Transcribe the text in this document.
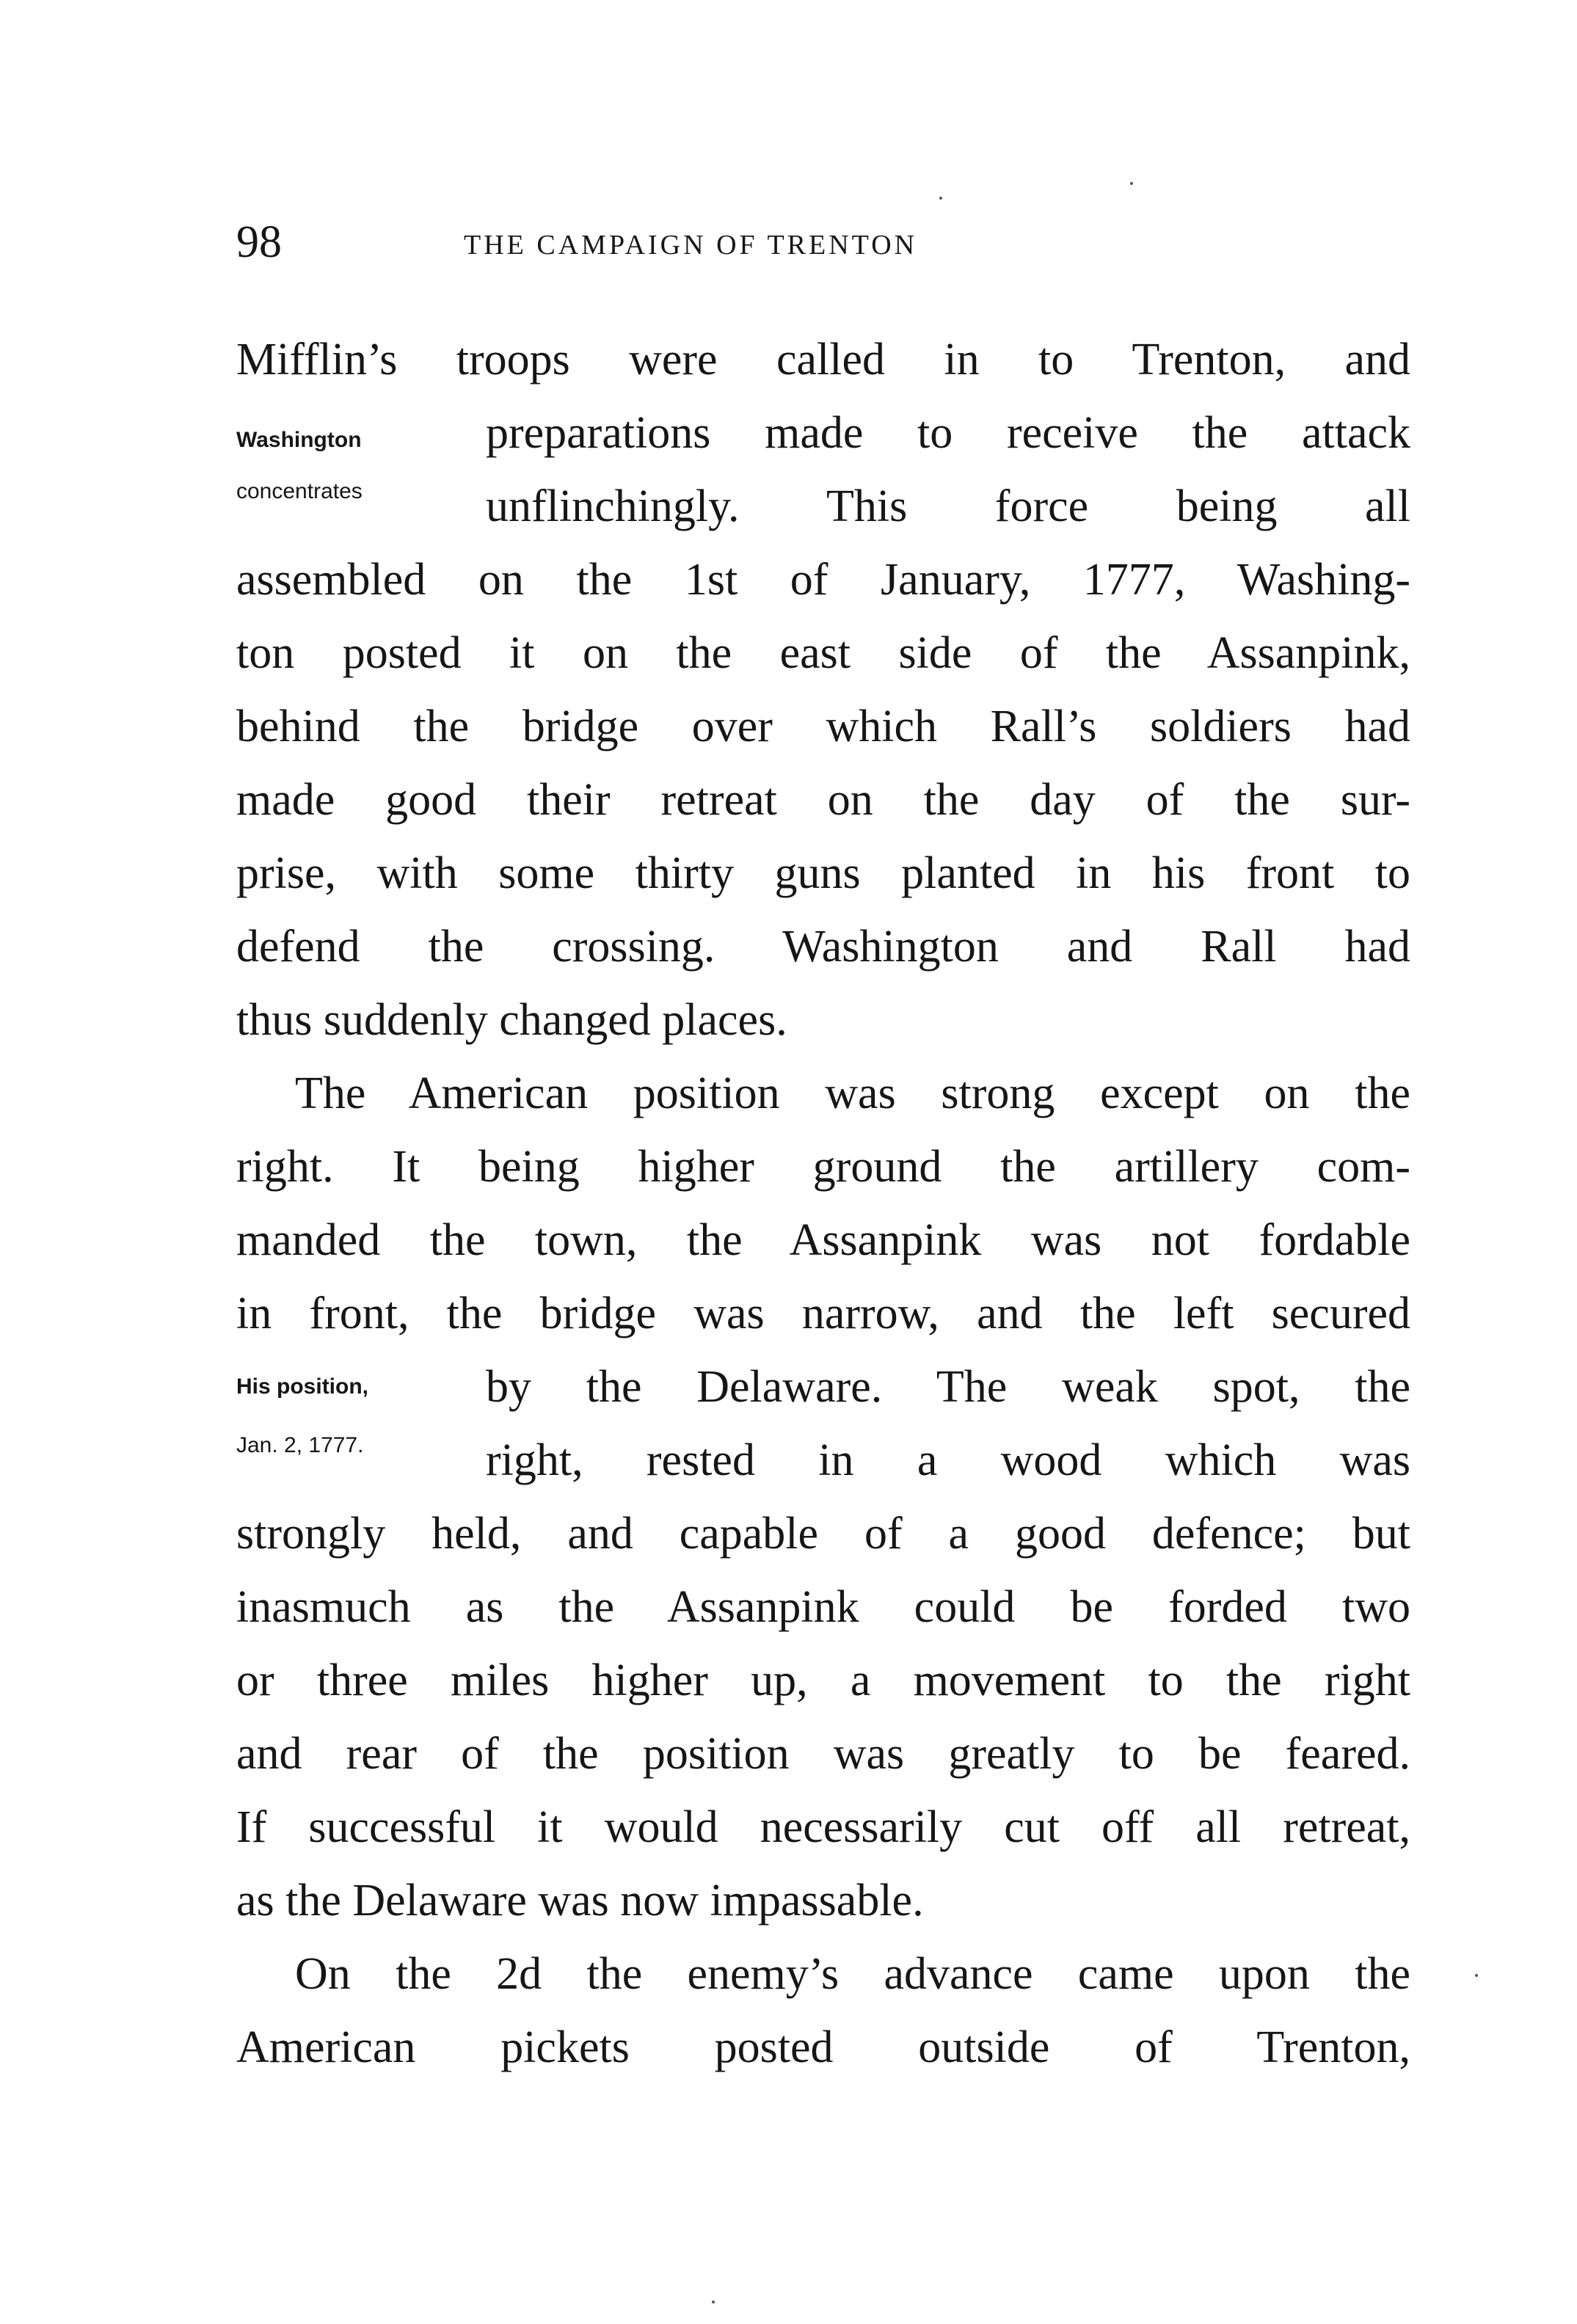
98	THE CAMPAIGN OF TRENTON
Mifflin’s troops were called in to Trenton, and
Washington	preparations made to receive the attack
concentrates	unflinchingly. This force being all
assembled on the 1st of January, 1777, Washing-
ton posted it on the east side of the Assanpink,
behind the bridge over which Rall’s soldiers had
made good their retreat on the day of the sur-
prise, with some thirty guns planted in his front to
defend the crossing. Washington and Rall had
thus suddenly changed places.
The American position was strong except on the
right. It being higher ground the artillery com-
manded the town, the Assanpink was not fordable
in front, the bridge was narrow, and the left secured
His position,	by the Delaware. The weak spot, the
Jan. 2, 1777.	right, rested in a wood which was
strongly held, and capable of a good defence; but
inasmuch as the Assanpink could be forded two
or three miles higher up, a movement to the right
and rear of the position was greatly to be feared.
If successful it would necessarily cut off all retreat,
as the Delaware was now impassable.
On the 2d the enemy’s advance came upon the
American pickets posted outside of Trenton,
